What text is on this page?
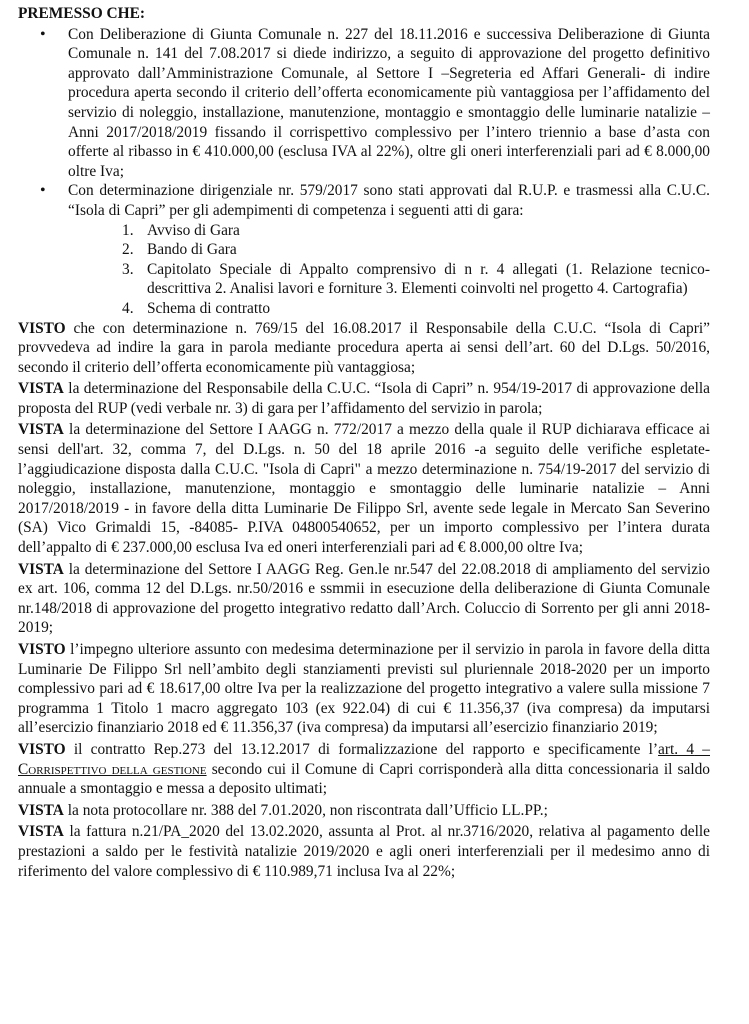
PREMESSO CHE:

• Con Deliberazione di Giunta Comunale n. 227 del 18.11.2016 e successiva Deliberazione di Giunta Comunale n. 141 del 7.08.2017 si diede indirizzo, a seguito di approvazione del progetto definitivo approvato dall’Amministrazione Comunale, al Settore I –Segreteria ed Affari Generali- di indire procedura aperta secondo il criterio dell’offerta economicamente più vantaggiosa per l’affidamento del servizio di noleggio, installazione, manutenzione, montaggio e smontaggio delle luminarie natalizie – Anni 2017/2018/2019 fissando il corrispettivo complessivo per l’intero triennio a base d’asta con offerte al ribasso in € 410.000,00 (esclusa IVA al 22%), oltre gli oneri interferenziali pari ad € 8.000,00 oltre Iva;
• Con determinazione dirigenziale nr. 579/2017 sono stati approvati dal R.U.P. e trasmessi alla C.U.C. “Isola di Capri” per gli adempimenti di competenza i seguenti atti di gara:
1. Avviso di Gara
2. Bando di Gara
3. Capitolato Speciale di Appalto comprensivo di n r. 4 allegati (1. Relazione tecnico-descrittiva 2. Analisi lavori e forniture 3. Elementi coinvolti nel progetto 4. Cartografia)
4. Schema di contratto

VISTO che con determinazione n. 769/15 del 16.08.2017 il Responsabile della C.U.C. “Isola di Capri” provvedeva ad indire la gara in parola mediante procedura aperta ai sensi dell’art. 60 del D.Lgs. 50/2016, secondo il criterio dell’offerta economicamente più vantaggiosa;

VISTA la determinazione del Responsabile della C.U.C. “Isola di Capri” n. 954/19-2017 di approvazione della proposta del RUP (vedi verbale nr. 3) di gara per l’affidamento del servizio in parola;

VISTA la determinazione del Settore I AAGG n. 772/2017 a mezzo della quale il RUP dichiarava efficace ai sensi dell'art. 32, comma 7, del D.Lgs. n. 50 del 18 aprile 2016 -a seguito delle verifiche espletate- l’aggiudicazione disposta dalla C.U.C. "Isola di Capri" a mezzo determinazione n. 754/19-2017 del servizio di noleggio, installazione, manutenzione, montaggio e smontaggio delle luminarie natalizie – Anni 2017/2018/2019 - in favore della ditta Luminarie De Filippo Srl, avente sede legale in Mercato San Severino (SA) Vico Grimaldi 15, -84085- P.IVA 04800540652, per un importo complessivo per l’intera durata dell’appalto di € 237.000,00 esclusa Iva ed oneri interferenziali pari ad € 8.000,00 oltre Iva;

VISTA la determinazione del Settore I AAGG Reg. Gen.le nr.547 del 22.08.2018 di ampliamento del servizio ex art. 106, comma 12 del D.Lgs. nr.50/2016 e ssmmii in esecuzione della deliberazione di Giunta Comunale nr.148/2018 di approvazione del progetto integrativo redatto dall’Arch. Coluccio di Sorrento per gli anni 2018-2019;

VISTO l’impegno ulteriore assunto con medesima determinazione per il servizio in parola in favore della ditta Luminarie De Filippo Srl nell’ambito degli stanziamenti previsti sul pluriennale 2018-2020 per un importo complessivo pari ad € 18.617,00 oltre Iva per la realizzazione del progetto integrativo a valere sulla missione 7 programma 1 Titolo 1 macro aggregato 103 (ex 922.04) di cui € 11.356,37 (iva compresa) da imputarsi all’esercizio finanziario 2018 ed € 11.356,37 (iva compresa) da imputarsi all’esercizio finanziario 2019;

VISTO il contratto Rep.273 del 13.12.2017 di formalizzazione del rapporto e specificamente l’art. 4 – Corrispettivo della gestione secondo cui il Comune di Capri corrisponderà alla ditta concessionaria il saldo annuale a smontaggio e messa a deposito ultimati;

VISTA la nota protocollare nr. 388 del 7.01.2020, non riscontrata dall’Ufficio LL.PP.;

VISTA la fattura n.21/PA_2020 del 13.02.2020, assunta al Prot. al nr.3716/2020, relativa al pagamento delle prestazioni a saldo per le festività natalizie 2019/2020 e agli oneri interferenziali per il medesimo anno di riferimento del valore complessivo di € 110.989,71 inclusa Iva al 22%;
